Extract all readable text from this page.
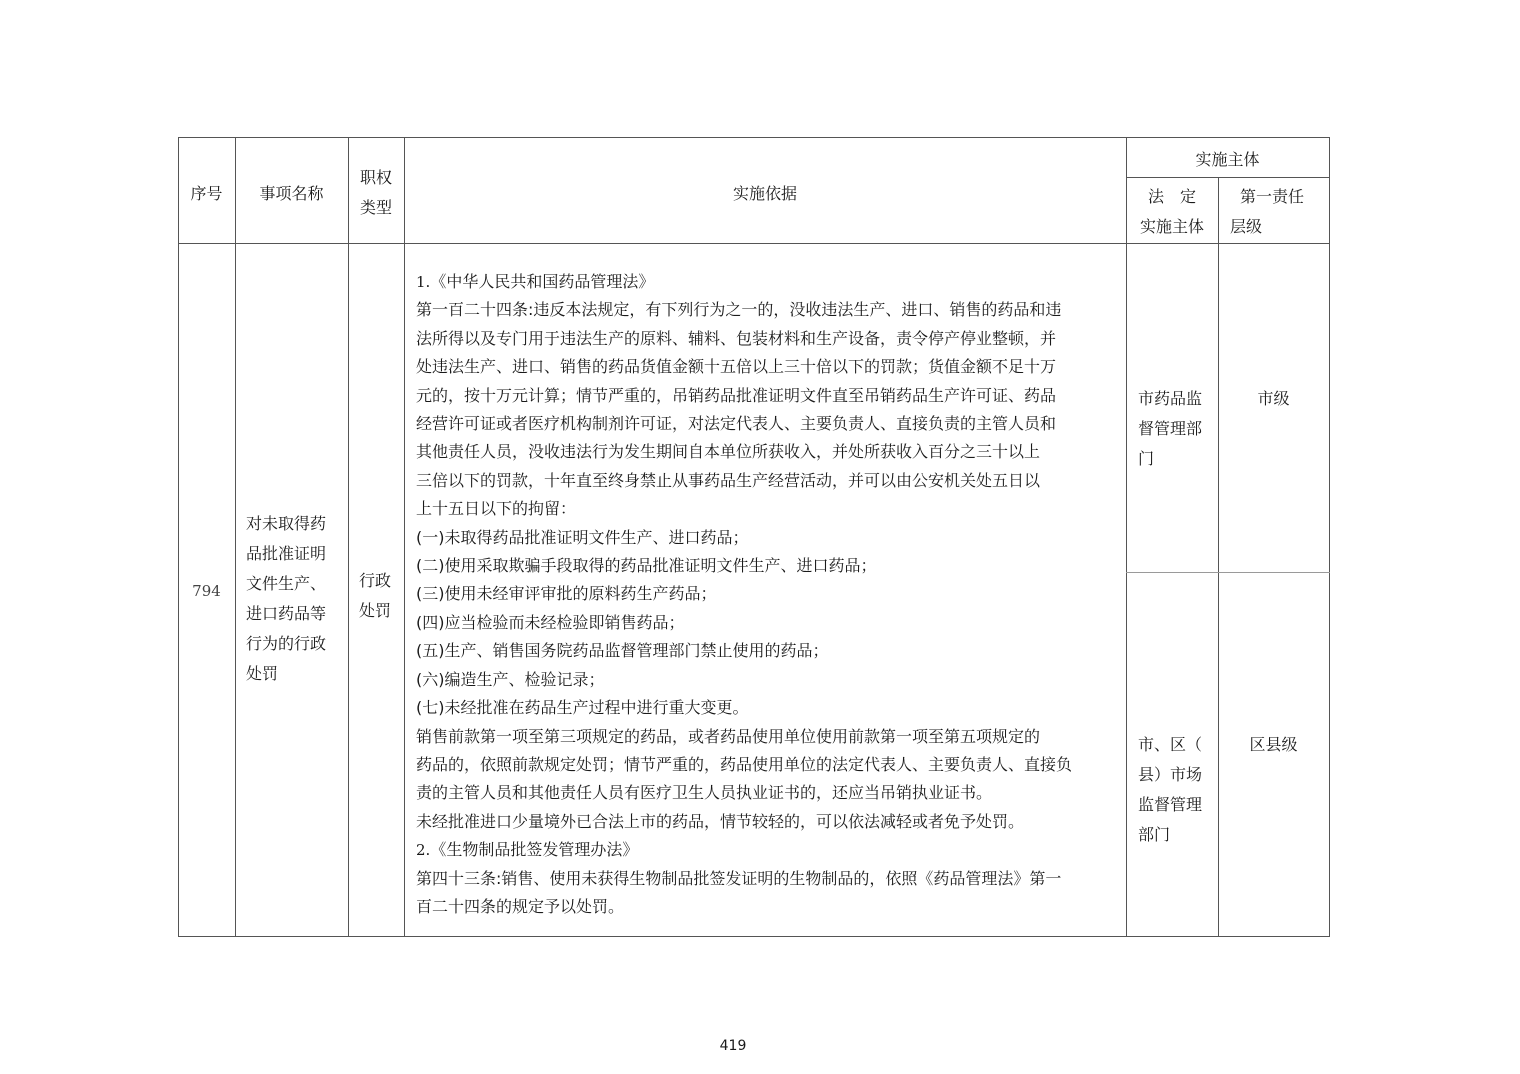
序号	事项名称
职权
类型
实施依据
实施主体
法　定
实施主体
第一责任
层级
794
对未取得药
品批准证明
文件生产、
进口药品等
行为的行政
处罚
行政
处罚
1.《中华人民共和国药品管理法》
第一百二十四条:违反本法规定，有下列行为之一的，没收违法生产、进口、销售的药品和违
法所得以及专门用于违法生产的原料、辅料、包装材料和生产设备，责令停产停业整顿，并
处违法生产、进口、销售的药品货值金额十五倍以上三十倍以下的罚款；货值金额不足十万
元的，按十万元计算；情节严重的，吊销药品批准证明文件直至吊销药品生产许可证、药品
经营许可证或者医疗机构制剂许可证，对法定代表人、主要负责人、直接负责的主管人员和
其他责任人员，没收违法行为发生期间自本单位所获收入，并处所获收入百分之三十以上
三倍以下的罚款，十年直至终身禁止从事药品生产经营活动，并可以由公安机关处五日以
上十五日以下的拘留：
(一)未取得药品批准证明文件生产、进口药品；
(二)使用采取欺骗手段取得的药品批准证明文件生产、进口药品；
(三)使用未经审评审批的原料药生产药品；
(四)应当检验而未经检验即销售药品；
(五)生产、销售国务院药品监督管理部门禁止使用的药品；
(六)编造生产、检验记录；
(七)未经批准在药品生产过程中进行重大变更。
销售前款第一项至第三项规定的药品，或者药品使用单位使用前款第一项至第五项规定的
药品的，依照前款规定处罚；情节严重的，药品使用单位的法定代表人、主要负责人、直接负
责的主管人员和其他责任人员有医疗卫生人员执业证书的，还应当吊销执业证书。
未经批准进口少量境外已合法上市的药品，情节较轻的，可以依法减轻或者免予处罚。
2.《生物制品批签发管理办法》
第四十三条:销售、使用未获得生物制品批签发证明的生物制品的，依照《药品管理法》第一
百二十四条的规定予以处罚。
市药品监
督管理部
门
市级
市、区（
县）市场
监督管理
部门
区县级
419
